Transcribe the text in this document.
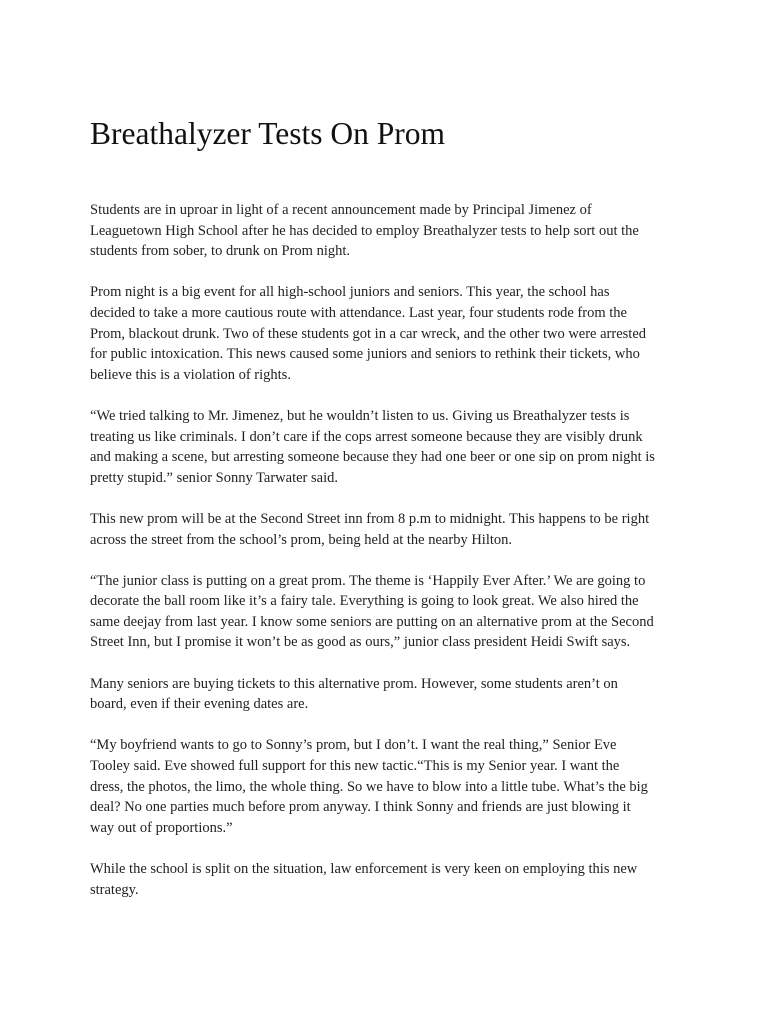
Breathalyzer Tests On Prom

Students are in uproar in light of a recent announcement made by Principal Jimenez of
Leaguetown High School after he has decided to employ Breathalyzer tests to help sort out the
students from sober, to drunk on Prom night.

Prom night is a big event for all high-school juniors and seniors. This year, the school has
decided to take a more cautious route with attendance. Last year, four students rode from the
Prom, blackout drunk. Two of these students got in a car wreck, and the other two were arrested
for public intoxication. This news caused some juniors and seniors to rethink their tickets, who
believe this is a violation of rights.

“We tried talking to Mr. Jimenez, but he wouldn’t listen to us. Giving us Breathalyzer tests is
treating us like criminals. I don’t care if the cops arrest someone because they are visibly drunk
and making a scene, but arresting someone because they had one beer or one sip on prom night is
pretty stupid.” senior Sonny Tarwater said.

This new prom will be at the Second Street inn from 8 p.m to midnight. This happens to be right
across the street from the school’s prom, being held at the nearby Hilton.

“The junior class is putting on a great prom. The theme is ‘Happily Ever After.’ We are going to
decorate the ball room like it’s a fairy tale. Everything is going to look great. We also hired the
same deejay from last year. I know some seniors are putting on an alternative prom at the Second
Street Inn, but I promise it won’t be as good as ours,” junior class president Heidi Swift says.

Many seniors are buying tickets to this alternative prom. However, some students aren’t on
board, even if their evening dates are.

“My boyfriend wants to go to Sonny’s prom, but I don’t. I want the real thing,” Senior Eve
Tooley said. Eve showed full support for this new tactic.“This is my Senior year. I want the
dress, the photos, the limo, the whole thing. So we have to blow into a little tube. What’s the big
deal? No one parties much before prom anyway. I think Sonny and friends are just blowing it
way out of proportions.”

While the school is split on the situation, law enforcement is very keen on employing this new
strategy.
